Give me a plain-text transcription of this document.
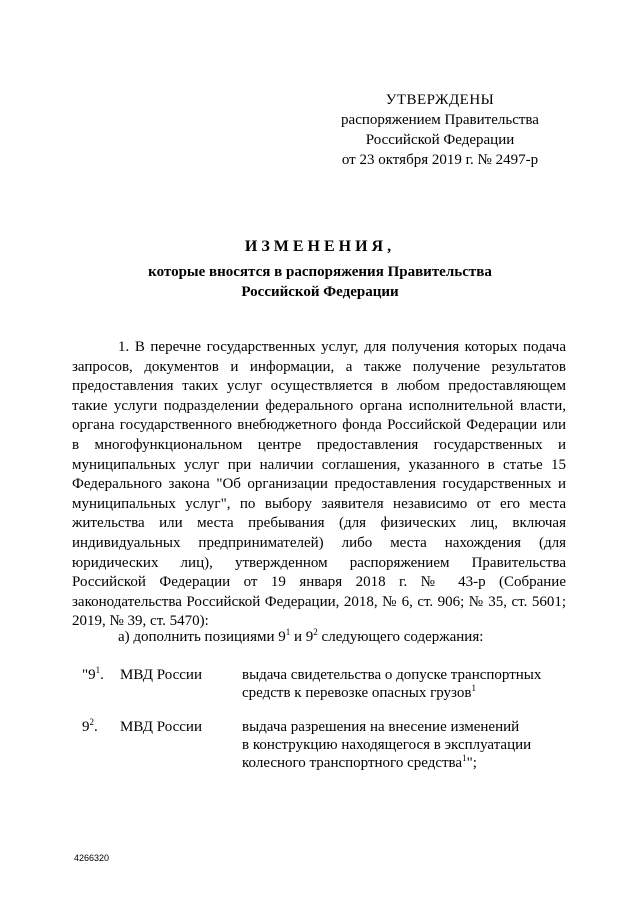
УТВЕРЖДЕНЫ
распоряжением Правительства
Российской Федерации
от 23 октября 2019 г. № 2497-р
ИЗМЕНЕНИЯ,
которые вносятся в распоряжения Правительства
Российской Федерации
1. В перечне государственных услуг, для получения которых подача запросов, документов и информации, а также получение результатов предоставления таких услуг осуществляется в любом предоставляющем такие услуги подразделении федерального органа исполнительной власти, органа государственного внебюджетного фонда Российской Федерации или в многофункциональном центре предоставления государственных и муниципальных услуг при наличии соглашения, указанного в статье 15 Федерального закона "Об организации предоставления государственных и муниципальных услуг", по выбору заявителя независимо от его места жительства или места пребывания (для физических лиц, включая индивидуальных предпринимателей) либо места нахождения (для юридических лиц), утвержденном распоряжением Правительства Российской Федерации от 19 января 2018 г. № 43-р (Собрание законодательства Российской Федерации, 2018, № 6, ст. 906; № 35, ст. 5601; 2019, № 39, ст. 5470):
а) дополнить позициями $9^1$ и $9^2$ следующего содержания:
"$9^1$. МВД России	выдача свидетельства о допуске транспортных
средств к перевозке опасных грузов$^1$
$9^2$. МВД России	выдача разрешения на внесение изменений
в конструкцию находящегося в эксплуатации
колесного транспортного средства$^1$";
4266320
